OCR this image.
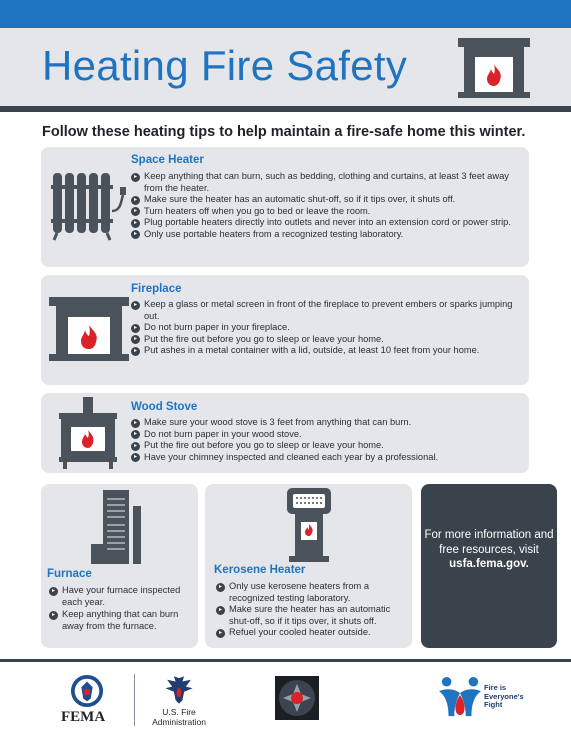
Heating Fire Safety

Follow these heating tips to help maintain a fire-safe home this winter.

Space Heater
▸ Keep anything that can burn, such as bedding, clothing and curtains, at least 3 feet away from the heater.
▸ Make sure the heater has an automatic shut-off, so if it tips over, it shuts off.
▸ Turn heaters off when you go to bed or leave the room.
▸ Plug portable heaters directly into outlets and never into an extension cord or power strip.
▸ Only use portable heaters from a recognized testing laboratory.
Fireplace
▸ Keep a glass or metal screen in front of the fireplace to prevent embers or sparks jumping out.
▸ Do not burn paper in your fireplace.
▸ Put the fire out before you go to sleep or leave your home.
▸ Put ashes in a metal container with a lid, outside, at least 10 feet from your home.
Wood Stove
▸ Make sure your wood stove is 3 feet from anything that can burn.
▸ Do not burn paper in your wood stove.
▸ Put the fire out before you go to sleep or leave your home.
▸ Have your chimney inspected and cleaned each year by a professional.
Furnace
▸ Have your furnace inspected each year.
▸ Keep anything that can burn away from the furnace.
Kerosene Heater
▸ Only use kerosene heaters from a recognized testing laboratory.
▸ Make sure the heater has an automatic shut-off, so if it tips over, it shuts off.
▸ Refuel your cooled heater outside.
For more information and free resources, visit
usfa.fema.gov.
FEMA	U.S. Fire
Administration
Fire is
Everyone's
Fight
